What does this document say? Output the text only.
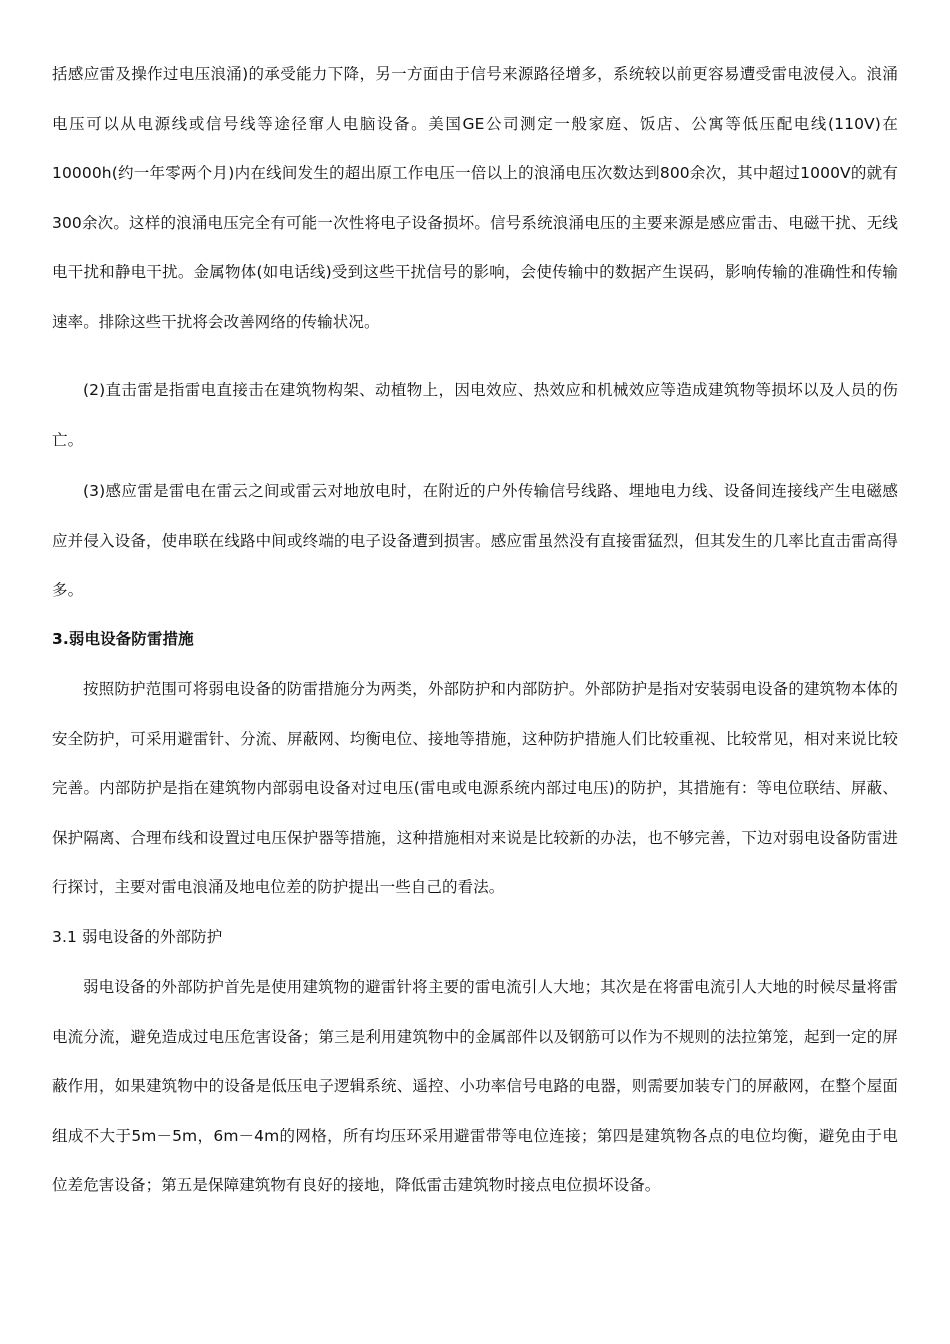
括感应雷及操作过电压浪涌)的承受能力下降，另一方面由于信号来源路径增多，系统较以前更容易遭受雷电波侵入。浪涌电压可以从电源线或信号线等途径窜人电脑设备。美国GE公司测定一般家庭、饭店、公寓等低压配电线(110V)在10000h(约一年零两个月)内在线间发生的超出原工作电压一倍以上的浪涌电压次数达到800余次，其中超过1000V的就有300余次。这样的浪涌电压完全有可能一次性将电子设备损坏。信号系统浪涌电压的主要来源是感应雷击、电磁干扰、无线电干扰和静电干扰。金属物体(如电话线)受到这些干扰信号的影响，会使传输中的数据产生误码，影响传输的准确性和传输速率。排除这些干扰将会改善网络的传输状况。
(2)直击雷是指雷电直接击在建筑物构架、动植物上，因电效应、热效应和机械效应等造成建筑物等损坏以及人员的伤亡。
(3)感应雷是雷电在雷云之间或雷云对地放电时，在附近的户外传输信号线路、埋地电力线、设备间连接线产生电磁感应并侵入设备，使串联在线路中间或终端的电子设备遭到损害。感应雷虽然没有直接雷猛烈，但其发生的几率比直击雷高得多。
3.弱电设备防雷措施
按照防护范围可将弱电设备的防雷措施分为两类，外部防护和内部防护。外部防护是指对安装弱电设备的建筑物本体的安全防护，可采用避雷针、分流、屏蔽网、均衡电位、接地等措施，这种防护措施人们比较重视、比较常见，相对来说比较完善。内部防护是指在建筑物内部弱电设备对过电压(雷电或电源系统内部过电压)的防护，其措施有：等电位联结、屏蔽、保护隔离、合理布线和设置过电压保护器等措施，这种措施相对来说是比较新的办法，也不够完善，下边对弱电设备防雷进行探讨，主要对雷电浪涌及地电位差的防护提出一些自己的看法。
3.1 弱电设备的外部防护
弱电设备的外部防护首先是使用建筑物的避雷针将主要的雷电流引人大地；其次是在将雷电流引人大地的时候尽量将雷电流分流，避免造成过电压危害设备；第三是利用建筑物中的金属部件以及钢筋可以作为不规则的法拉第笼，起到一定的屏蔽作用，如果建筑物中的设备是低压电子逻辑系统、遥控、小功率信号电路的电器，则需要加装专门的屏蔽网，在整个屋面组成不大于5m－5m，6m－4m的网格，所有均压环采用避雷带等电位连接；第四是建筑物各点的电位均衡，避免由于电位差危害设备；第五是保障建筑物有良好的接地，降低雷击建筑物时接点电位损坏设备。
